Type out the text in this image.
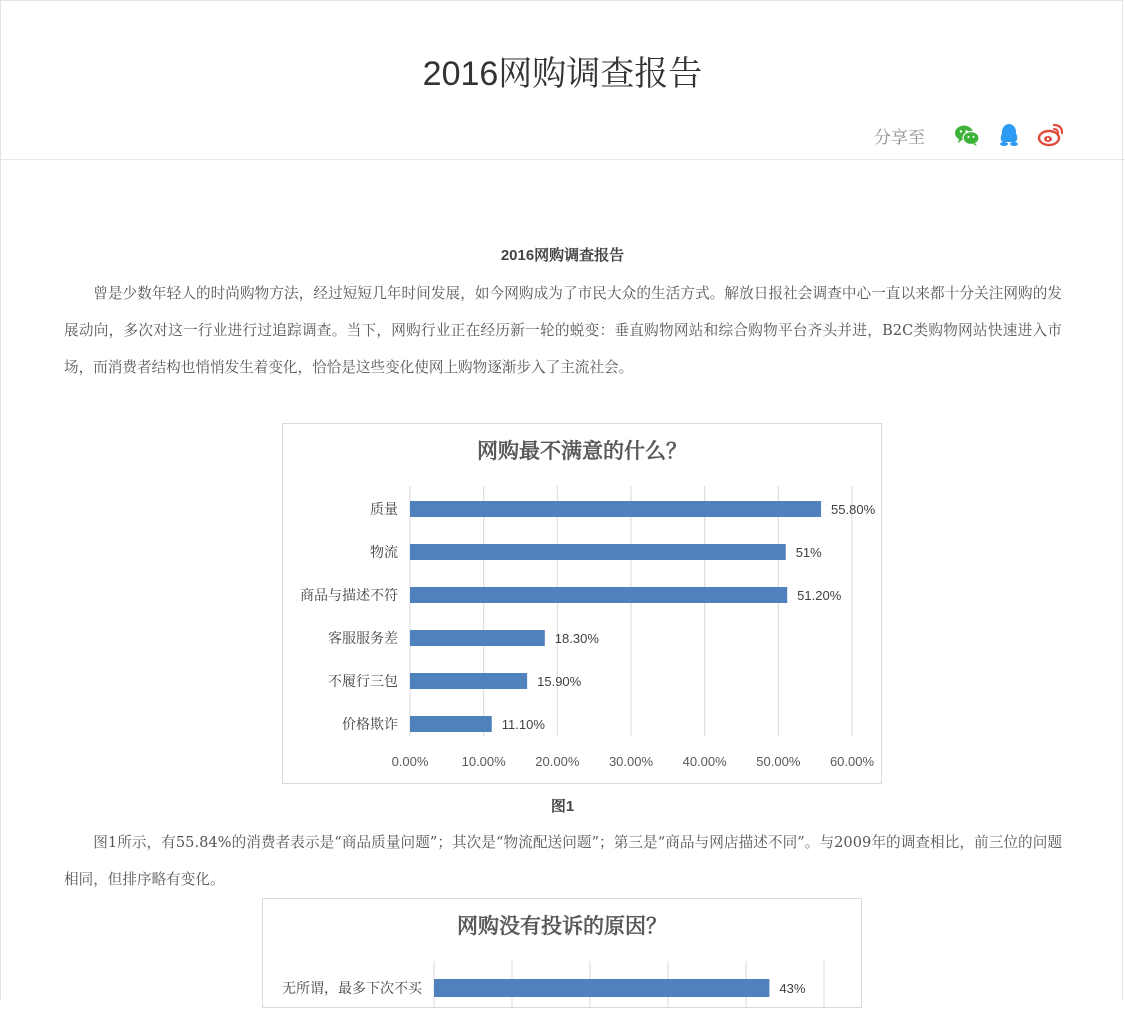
2016网购调查报告
分享至
2016网购调查报告

曾是少数年轻人的时尚购物方法，经过短短几年时间发展，如今网购成为了市民大众的生活方式。解放日报社会调查中心一直以来都十分关注网购的发展动向，多次对这一行业进行过追踪调查。当下，网购行业正在经历新一轮的蜕变：垂直购物网站和综合购物平台齐头并进，B2C类购物网站快速进入市场，而消费者结构也悄悄发生着变化，恰恰是这些变化使网上购物逐渐步入了主流社会。

网购最不满意的什么？
0.00%	10.00% 20.00% 30.00% 40.00% 50.00% 60.00%
质量	55.80%
物流	51%
商品与描述不符	51.20%
客服服务差	18.30%
不履行三包	15.90%
价格欺诈	11.10%
图1

图1所示，有55.84%的消费者表示是“商品质量问题”；其次是“物流配送问题”；第三是“商品与网店描述不同”。与2009年的调查相比，前三位的问题相同，但排序略有变化。

网购没有投诉的原因？
无所谓，最多下次不买	43%
